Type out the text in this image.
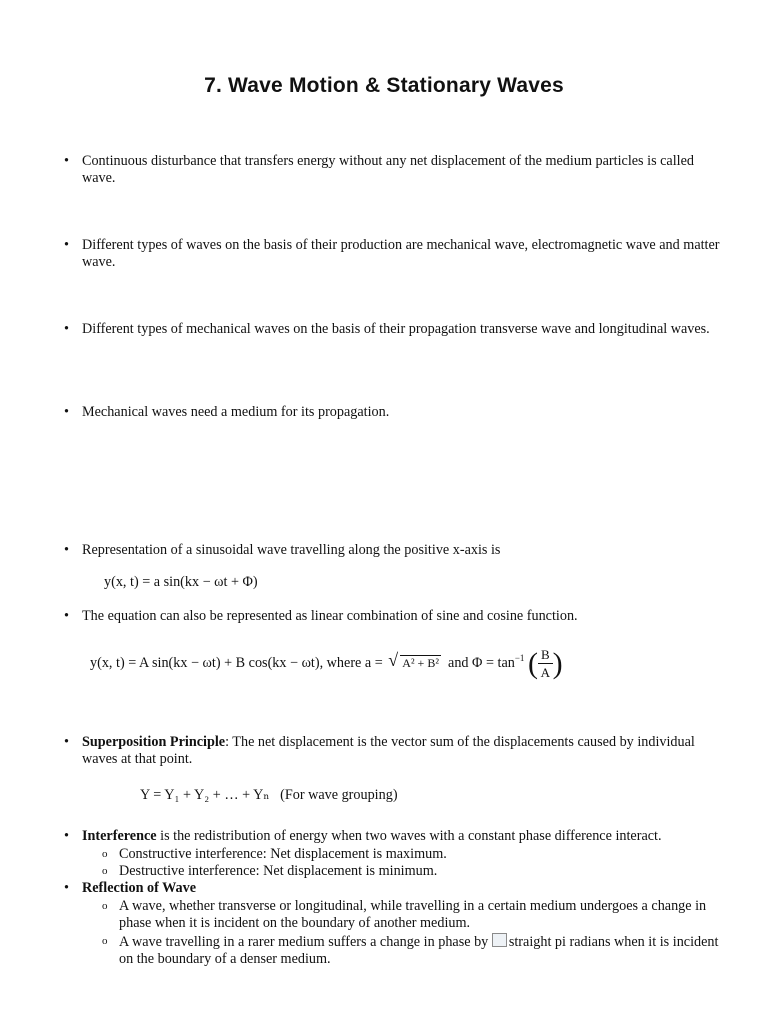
7. Wave Motion & Stationary Waves
• Continuous disturbance that transfers energy without any net displacement of the medium particles is called wave.
• Different types of waves on the basis of their production are mechanical wave, electromagnetic wave and matter wave.
• Different types of mechanical waves on the basis of their propagation transverse wave and longitudinal waves.
• Mechanical waves need a medium for its propagation.
• Representation of a sinusoidal wave travelling along the positive x-axis is
y(x, t) = a sin(kx − ωt + Φ)
• The equation can also be represented as linear combination of sine and cosine function.
y(x, t) = A sin(kx − ωt) + B cos(kx − ωt), where a = √ A² + B² and $\Phi = \tan^{-1}$ ( $\frac{B}{A}$ )
• Superposition Principle: The net displacement is the vector sum of the displacements caused by individual waves at that point.
Y = Y₁ + Y₂ + … + Yₙ (For wave grouping)
• Interference is the redistribution of energy when two waves with a constant phase difference interact.
o Constructive interference: Net displacement is maximum.
o Destructive interference: Net displacement is minimum.
• Reflection of Wave
o A wave, whether transverse or longitudinal, while travelling in a certain medium undergoes a change in phase when it is incident on the boundary of another medium.
o A wave travelling in a rarer medium suffers a change in phase by straight pi radians when it is incident on the boundary of a denser medium.
